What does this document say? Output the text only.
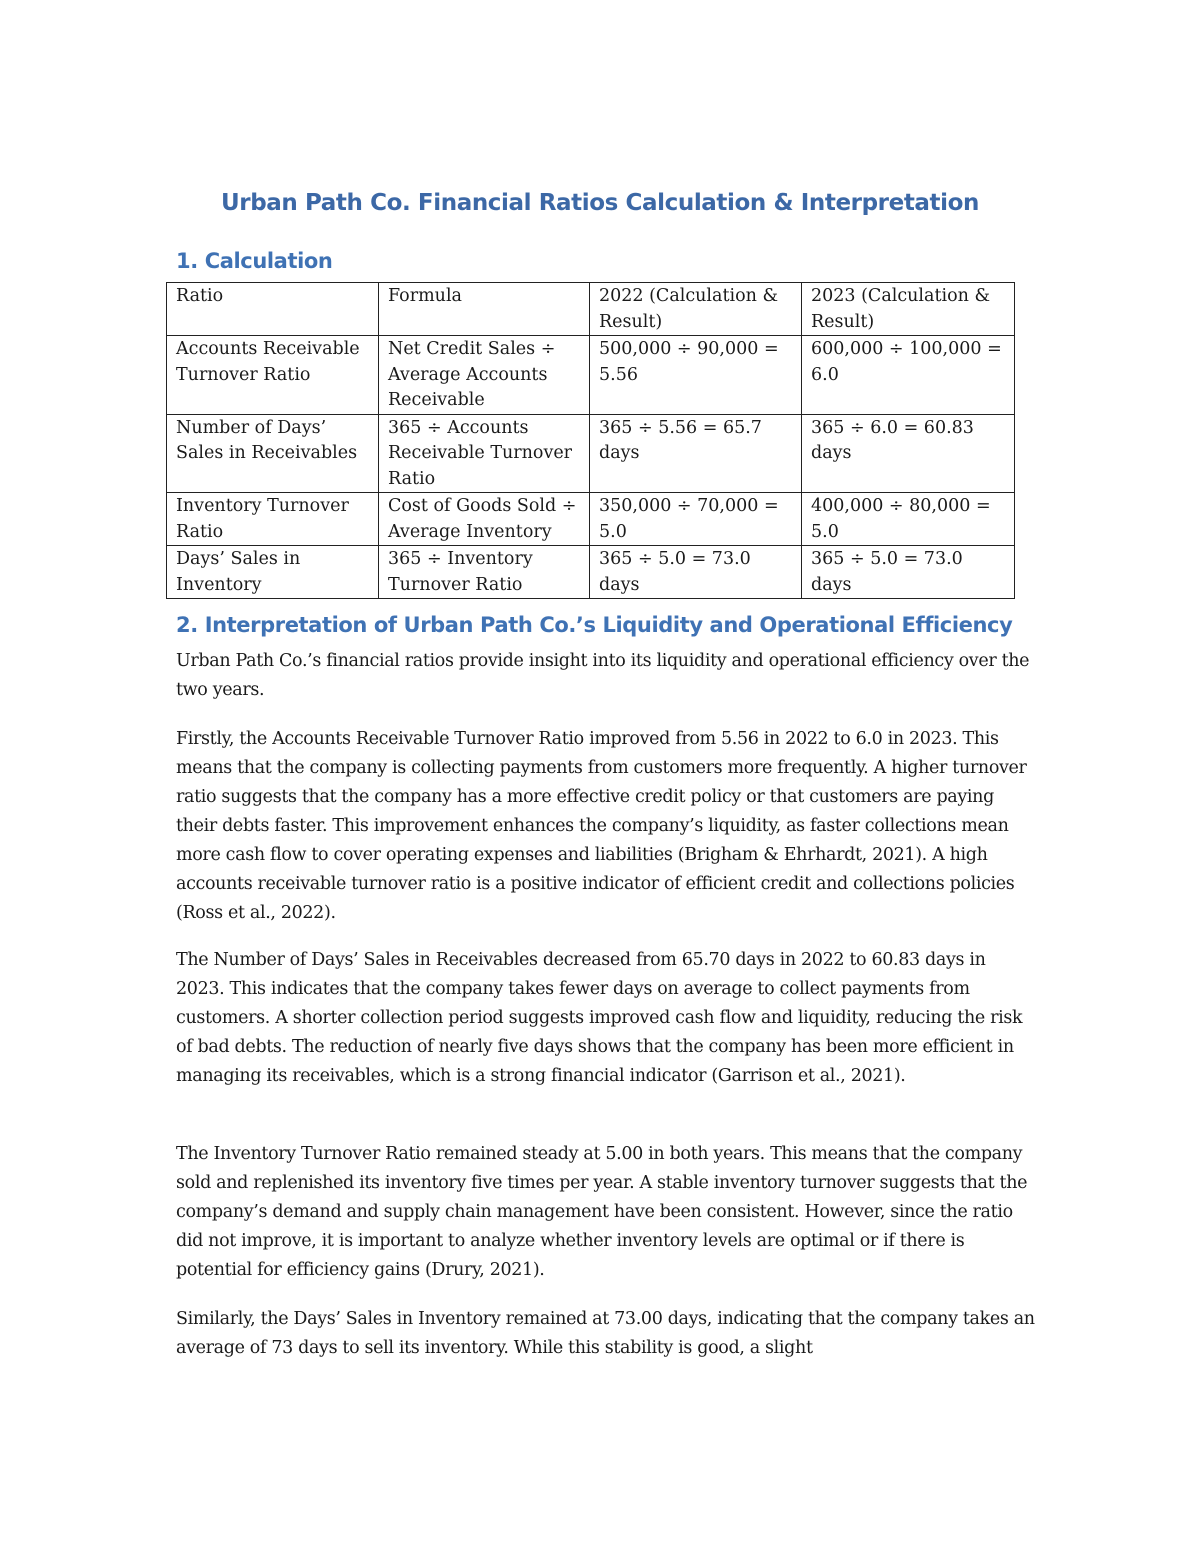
Urban Path Co. Financial Ratios Calculation & Interpretation
1. Calculation
Ratio	Formula	2022 (Calculation & Result)	2023 (Calculation & Result)
Accounts Receivable Turnover Ratio	Net Credit Sales ÷ Average Accounts Receivable	500,000 ÷ 90,000 = 5.56	600,000 ÷ 100,000 = 6.0
Number of Days’ Sales in Receivables	365 ÷ Accounts Receivable Turnover Ratio	365 ÷ 5.56 = 65.7 days	365 ÷ 6.0 = 60.83 days
Inventory Turnover Ratio	Cost of Goods Sold ÷ Average Inventory	350,000 ÷ 70,000 = 5.0	400,000 ÷ 80,000 = 5.0
Days’ Sales in Inventory	365 ÷ Inventory Turnover Ratio	365 ÷ 5.0 = 73.0 days	365 ÷ 5.0 = 73.0 days
2. Interpretation of Urban Path Co.’s Liquidity and Operational Efficiency

Urban Path Co.’s financial ratios provide insight into its liquidity and operational efficiency over the two years.

Firstly, the Accounts Receivable Turnover Ratio improved from 5.56 in 2022 to 6.0 in 2023. This means that the company is collecting payments from customers more frequently. A higher turnover ratio suggests that the company has a more effective credit policy or that customers are paying their debts faster. This improvement enhances the company’s liquidity, as faster collections mean more cash flow to cover operating expenses and liabilities (Brigham & Ehrhardt, 2021). A high accounts receivable turnover ratio is a positive indicator of efficient credit and collections policies (Ross et al., 2022).

The Number of Days’ Sales in Receivables decreased from 65.70 days in 2022 to 60.83 days in 2023. This indicates that the company takes fewer days on average to collect payments from customers. A shorter collection period suggests improved cash flow and liquidity, reducing the risk of bad debts. The reduction of nearly five days shows that the company has been more efficient in managing its receivables, which is a strong financial indicator (Garrison et al., 2021).

The Inventory Turnover Ratio remained steady at 5.00 in both years. This means that the company sold and replenished its inventory five times per year. A stable inventory turnover suggests that the company’s demand and supply chain management have been consistent. However, since the ratio did not improve, it is important to analyze whether inventory levels are optimal or if there is potential for efficiency gains (Drury, 2021).

Similarly, the Days’ Sales in Inventory remained at 73.00 days, indicating that the company takes an average of 73 days to sell its inventory. While this stability is good, a slight
